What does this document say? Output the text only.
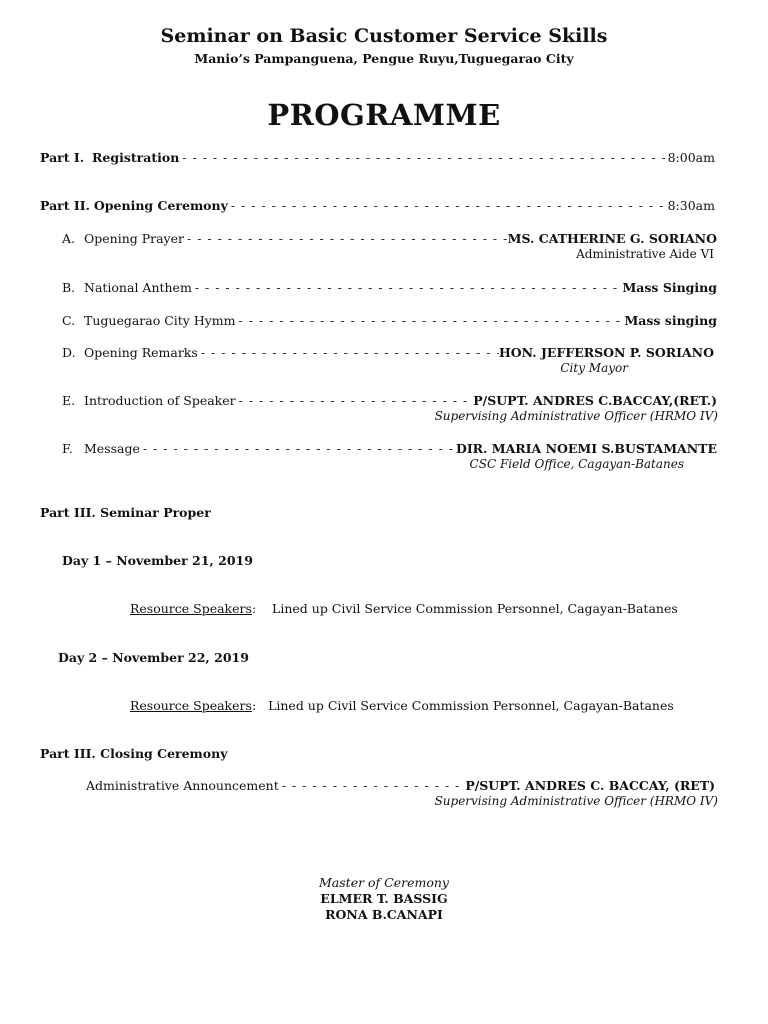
Seminar on Basic Customer Service Skills
Manio’s Pampanguena, Pengue Ruyu,Tuguegarao City
PROGRAMME
Part I.
Registration - - -	8:00am
Part II.
Opening Ceremony - - -	8:30am
A. Opening Prayer - - -	MS. CATHERINE G. SORIANO
Administrative Aide VI
B. National Anthem - - -	Mass Singing
C. Tuguegarao City Hymm - - -	Mass singing
D. Opening Remarks - - -	HON. JEFFERSON P. SORIANO
City Mayor
E. Introduction of Speaker - - -	P/SUPT. ANDRES C.BACCAY,(RET.)
Supervising Administrative Officer (HRMO IV)
F. Message - - -	DIR. MARIA NOEMI S.BUSTAMANTE
CSC Field Office, Cagayan-Batanes
Part III. Seminar Proper
Day 1 – November 21, 2019
Resource Speakers:    Lined up Civil Service Commission Personnel, Cagayan-Batanes
Day 2 – November 22, 2019
Resource Speakers:   Lined up Civil Service Commission Personnel, Cagayan-Batanes
Part III. Closing Ceremony
Administrative Announcement - - -	P/SUPT. ANDRES C. BACCAY, (RET)
Supervising Administrative Officer (HRMO IV)
Master of Ceremony
ELMER T. BASSIG
RONA B.CANAPI
